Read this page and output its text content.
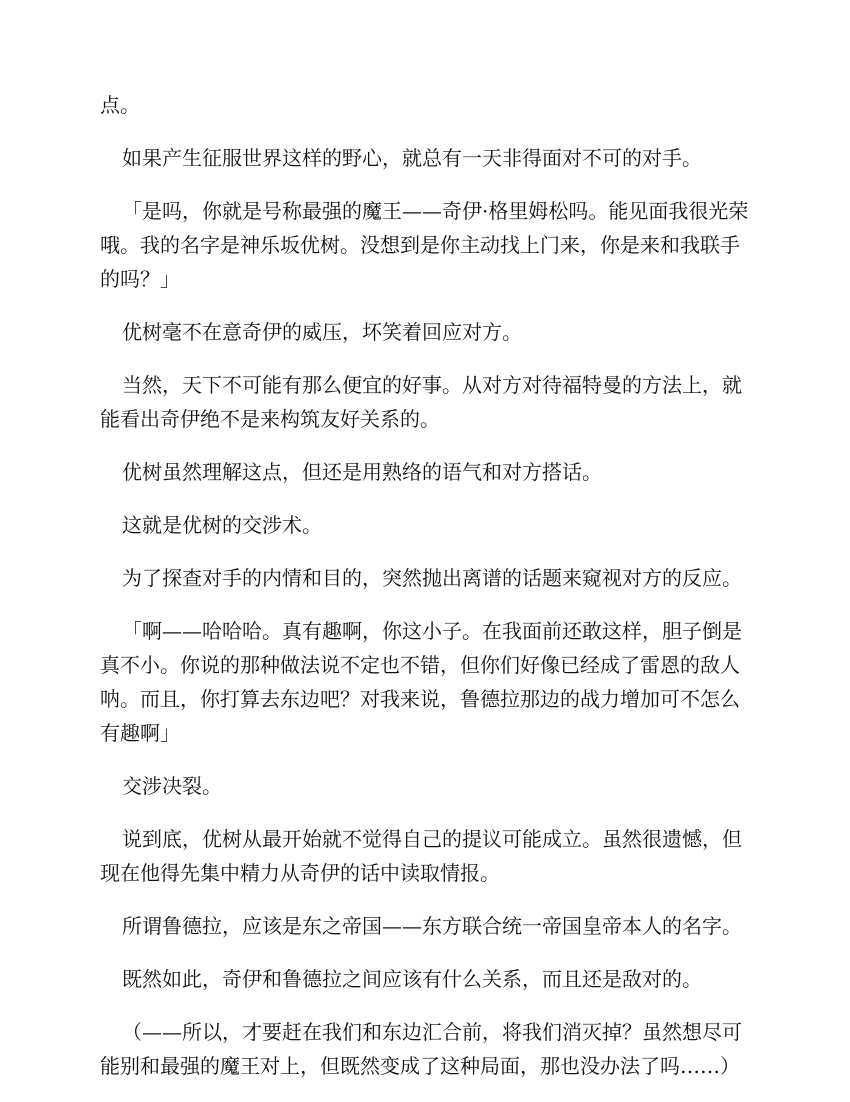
点。

如果产生征服世界这样的野心，就总有一天非得面对不可的对手。

「是吗，你就是号称最强的魔王——奇伊·格里姆松吗。能见面我很光荣哦。我的名字是神乐坂优树。没想到是你主动找上门来，你是来和我联手的吗？」

优树毫不在意奇伊的威压，坏笑着回应对方。

当然，天下不可能有那么便宜的好事。从对方对待福特曼的方法上，就能看出奇伊绝不是来构筑友好关系的。

优树虽然理解这点，但还是用熟络的语气和对方搭话。

这就是优树的交涉术。

为了探查对手的内情和目的，突然抛出离谱的话题来窥视对方的反应。

「啊——哈哈哈。真有趣啊，你这小子。在我面前还敢这样，胆子倒是真不小。你说的那种做法说不定也不错，但你们好像已经成了雷恩的敌人呐。而且，你打算去东边吧？对我来说，鲁德拉那边的战力增加可不怎么有趣啊」

交涉决裂。

说到底，优树从最开始就不觉得自己的提议可能成立。虽然很遗憾，但现在他得先集中精力从奇伊的话中读取情报。

所谓鲁德拉，应该是东之帝国——东方联合统一帝国皇帝本人的名字。

既然如此，奇伊和鲁德拉之间应该有什么关系，而且还是敌对的。

（——所以，才要赶在我们和东边汇合前，将我们消灭掉？虽然想尽可能别和最强的魔王对上，但既然变成了这种局面，那也没办法了吗……）
